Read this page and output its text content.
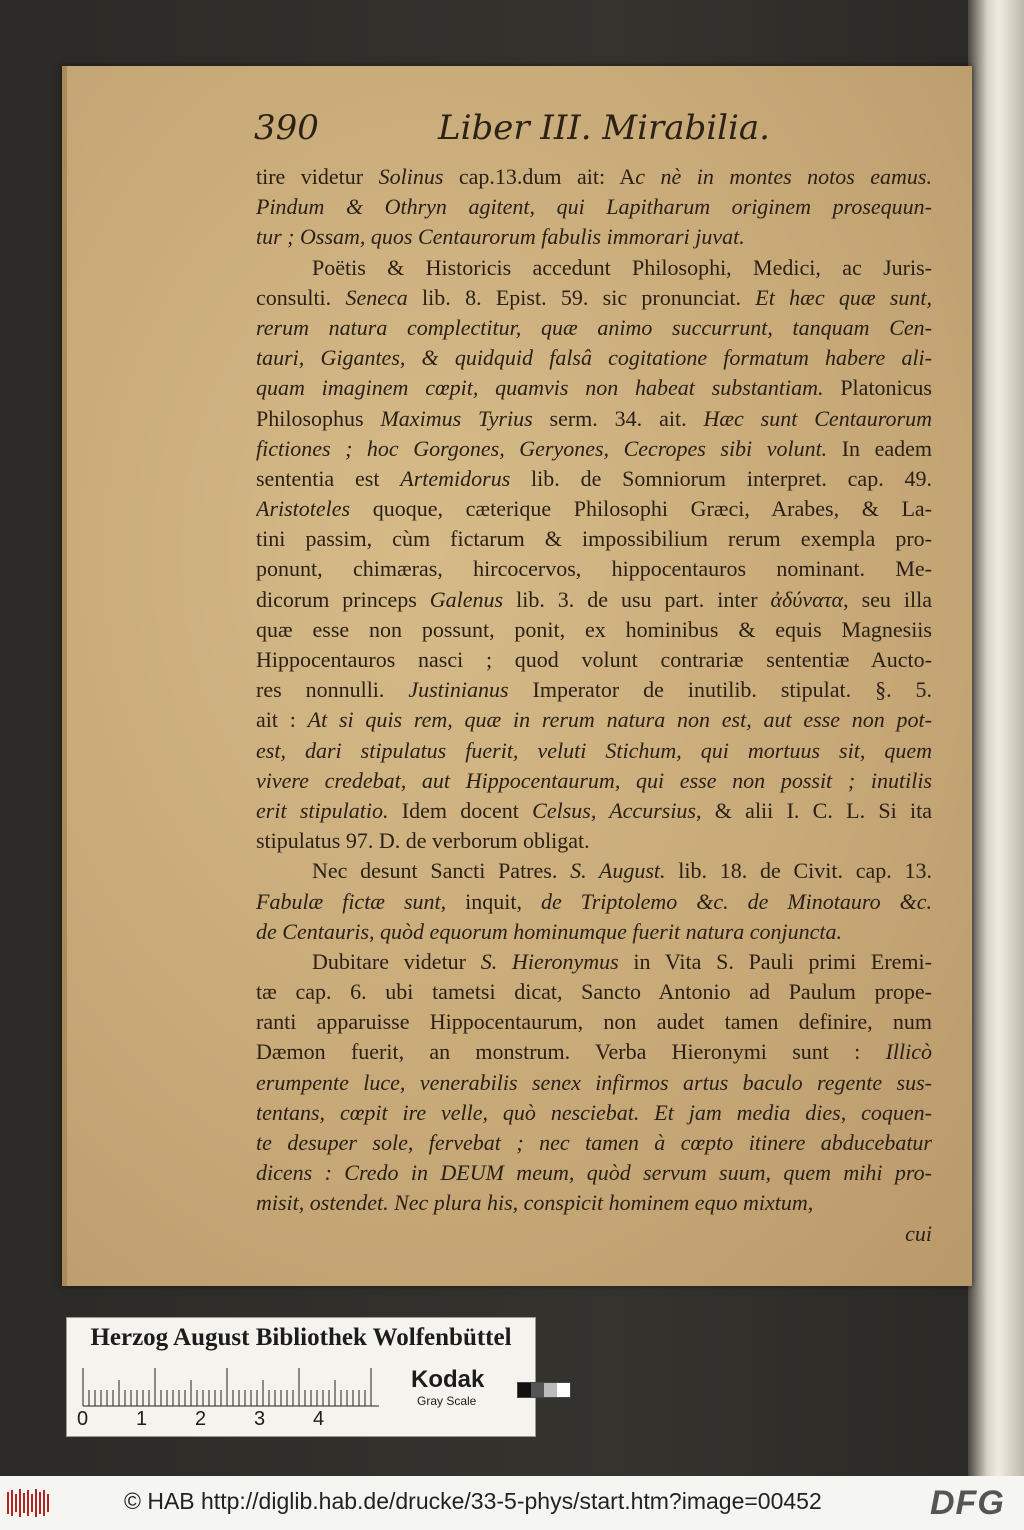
390	Liber III. Mirabilia.
tire videtur Solinus cap.13.dum ait: Ac nè in montes notos eamus.
Pindum & Othryn agitent, qui Lapitharum originem prosequun-
tur ; Ossam, quos Centaurorum fabulis immorari juvat.
Poëtis & Historicis accedunt Philosophi, Medici, ac Juris-
consulti. Seneca lib. 8. Epist. 59. sic pronunciat. Et hæc quæ sunt,
rerum natura complectitur, quæ animo succurrunt, tanquam Cen-
tauri, Gigantes, & quidquid falsâ cogitatione formatum habere ali-
quam imaginem cœpit, quamvis non habeat substantiam. Platonicus
Philosophus Maximus Tyrius serm. 34. ait. Hæc sunt Centaurorum
fictiones ; hoc Gorgones, Geryones, Cecropes sibi volunt. In eadem
sententia est Artemidorus lib. de Somniorum interpret. cap. 49.
Aristoteles quoque, cæterique Philosophi Græci, Arabes, & La-
tini passim, cùm fictarum & impossibilium rerum exempla pro-
ponunt, chimæras, hircocervos, hippocentauros nominant. Me-
dicorum princeps Galenus lib. 3. de usu part. inter ἀδύνατα, seu illa
quæ esse non possunt, ponit, ex hominibus & equis Magnesiis
Hippocentauros nasci ; quod volunt contrariæ sententiæ Aucto-
res nonnulli. Justinianus Imperator de inutilib. stipulat. §. 5.
ait : At si quis rem, quæ in rerum natura non est, aut esse non pot-
est, dari stipulatus fuerit, veluti Stichum, qui mortuus sit, quem
vivere credebat, aut Hippocentaurum, qui esse non possit ; inutilis
erit stipulatio. Idem docent Celsus, Accursius, & alii I. C. L. Si ita
stipulatus 97. D. de verborum obligat.
Nec desunt Sancti Patres. S. August. lib. 18. de Civit. cap. 13.
Fabulæ fictæ sunt, inquit, de Triptolemo &c. de Minotauro &c.
de Centauris, quòd equorum hominumque fuerit natura conjuncta.
Dubitare videtur S. Hieronymus in Vita S. Pauli primi Eremi-
tæ cap. 6. ubi tametsi dicat, Sancto Antonio ad Paulum prope-
ranti apparuisse Hippocentaurum, non audet tamen definire, num
Dæmon fuerit, an monstrum. Verba Hieronymi sunt : Illicò
erumpente luce, venerabilis senex infirmos artus baculo regente sus-
tentans, cœpit ire velle, quò nesciebat. Et jam media dies, coquen-
te desuper sole, fervebat ; nec tamen à cœpto itinere abducebatur
dicens : Credo in DEUM meum, quòd servum suum, quem mihi pro-
misit, ostendet. Nec plura his, conspicit hominem equo mixtum,
cui
Herzog August Bibliothek Wolfenbüttel
0 1 2 3 4
Kodak
Gray Scale
© HAB http://diglib.hab.de/drucke/33-5-phys/start.htm?image=00452	DFG
